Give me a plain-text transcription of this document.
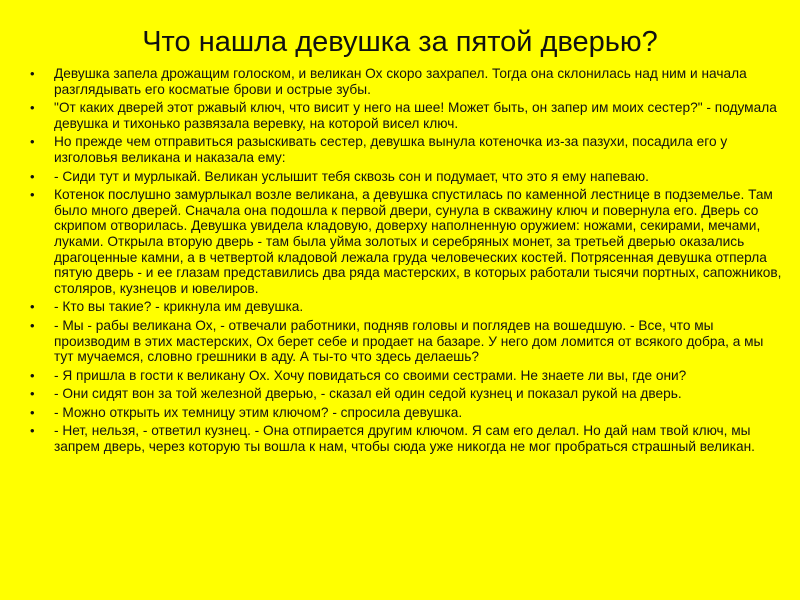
Что нашла девушка за пятой дверью?
• Девушка запела дрожащим голоском, и великан Ох скоро захрапел. Тогда она склонилась над ним и начала разглядывать его косматые брови и острые зубы.
• "От каких дверей этот ржавый ключ, что висит у него на шее! Может быть, он запер им моих сестер?" - подумала девушка и тихонько развязала веревку, на которой висел ключ.
• Но прежде чем отправиться разыскивать сестер, девушка вынула котеночка из-за пазухи, посадила его у изголовья великана и наказала ему:
• - Сиди тут и мурлыкай. Великан услышит тебя сквозь сон и подумает, что это я ему напеваю.
• Котенок послушно замурлыкал возле великана, а девушка спустилась по каменной лестнице в подземелье. Там было много дверей. Сначала она подошла к первой двери, сунула в скважину ключ и повернула его. Дверь со скрипом отворилась. Девушка увидела кладовую, доверху наполненную оружием: ножами, секирами, мечами, луками. Открыла вторую дверь - там была уйма золотых и серебряных монет, за третьей дверью оказались драгоценные камни, а в четвертой кладовой лежала груда человеческих костей. Потрясенная девушка отперла пятую дверь - и ее глазам представились два ряда мастерских, в которых работали тысячи портных, сапожников, столяров, кузнецов и ювелиров.
• - Кто вы такие? - крикнула им девушка.
• - Мы - рабы великана Ох, - отвечали работники, подняв головы и поглядев на вошедшую. - Все, что мы производим в этих мастерских, Ох берет себе и продает на базаре. У него дом ломится от всякого добра, а мы тут мучаемся, словно грешники в аду. А ты-то что здесь делаешь?
• - Я пришла в гости к великану Ох. Хочу повидаться со своими сестрами. Не знаете ли вы, где они?
• - Они сидят вон за той железной дверью, - сказал ей один седой кузнец и показал рукой на дверь.
• - Можно открыть их темницу этим ключом? - спросила девушка.
• - Нет, нельзя, - ответил кузнец. - Она отпирается другим ключом. Я сам его делал. Но дай нам твой ключ, мы запрем дверь, через которую ты вошла к нам, чтобы сюда уже никогда не мог пробраться страшный великан.
